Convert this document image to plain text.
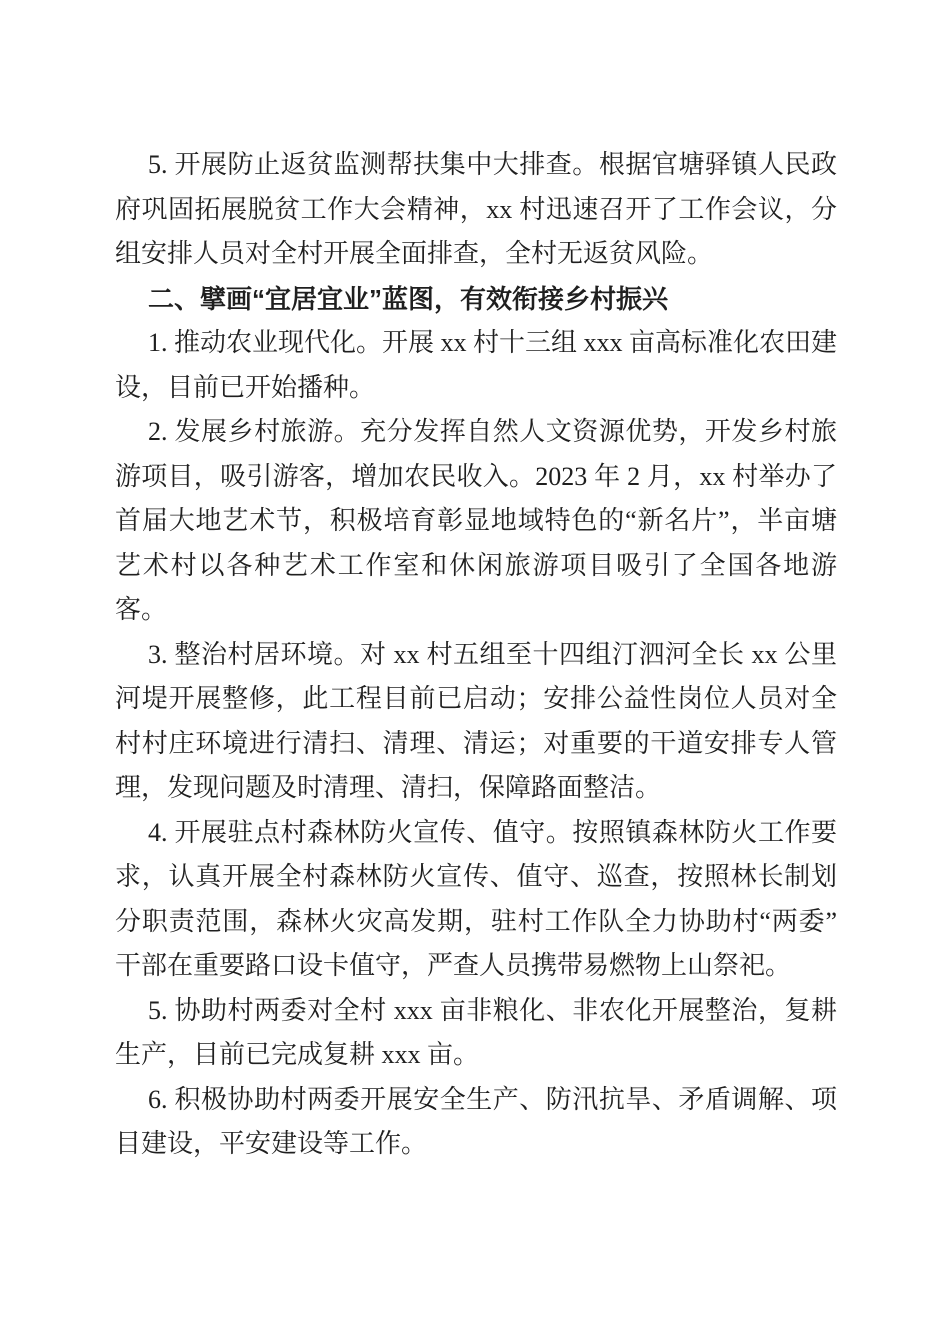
5. 开展防止返贫监测帮扶集中大排查。根据官塘驿镇人民政府巩固拓展脱贫工作大会精神，xx 村迅速召开了工作会议，分组安排人员对全村开展全面排查，全村无返贫风险。

二、擘画“宜居宜业”蓝图，有效衔接乡村振兴

1. 推动农业现代化。开展 xx 村十三组 xxx 亩高标准化农田建设，目前已开始播种。

2. 发展乡村旅游。充分发挥自然人文资源优势，开发乡村旅游项目，吸引游客，增加农民收入。2023 年 2 月，xx 村举办了首届大地艺术节，积极培育彰显地域特色的“新名片”，半亩塘艺术村以各种艺术工作室和休闲旅游项目吸引了全国各地游客。

3. 整治村居环境。对 xx 村五组至十四组汀泗河全长 xx 公里河堤开展整修，此工程目前已启动；安排公益性岗位人员对全村村庄环境进行清扫、清理、清运；对重要的干道安排专人管理，发现问题及时清理、清扫，保障路面整洁。

4. 开展驻点村森林防火宣传、值守。按照镇森林防火工作要求，认真开展全村森林防火宣传、值守、巡查，按照林长制划分职责范围，森林火灾高发期，驻村工作队全力协助村“两委”干部在重要路口设卡值守，严查人员携带易燃物上山祭祀。

5. 协助村两委对全村 xxx 亩非粮化、非农化开展整治，复耕生产，目前已完成复耕 xxx 亩。

6. 积极协助村两委开展安全生产、防汛抗旱、矛盾调解、项目建设，平安建设等工作。
